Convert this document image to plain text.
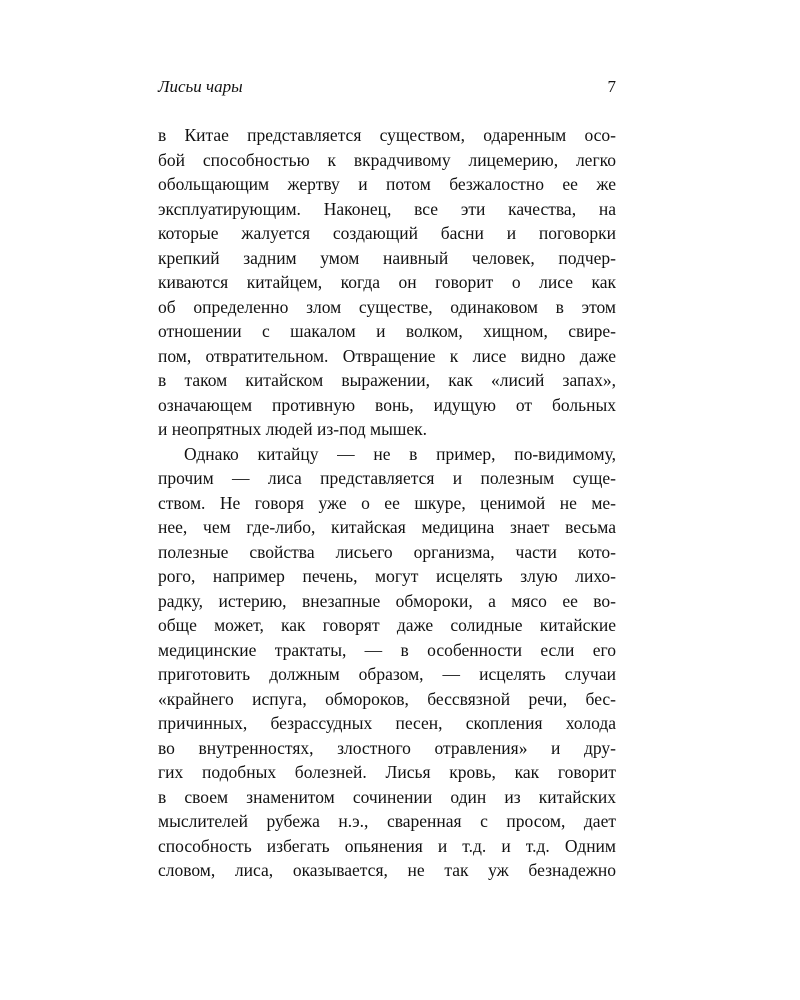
Лисьи чары	7
в Китае представляется существом, одаренным осо-
бой способностью к вкрадчивому лицемерию, легко
обольщающим жертву и потом безжалостно ее же
эксплуатирующим. Наконец, все эти качества, на
которые жалуется создающий басни и поговорки
крепкий задним умом наивный человек, подчер-
киваются китайцем, когда он говорит о лисе как
об определенно злом существе, одинаковом в этом
отношении с шакалом и волком, хищном, свире-
пом, отвратительном. Отвращение к лисе видно даже
в таком китайском выражении, как «лисий запах»,
означающем противную вонь, идущую от больных
и неопрятных людей из-под мышек.
Однако китайцу — не в пример, по-видимому,
прочим — лиса представляется и полезным суще-
ством. Не говоря уже о ее шкуре, ценимой не ме-
нее, чем где-либо, китайская медицина знает весьма
полезные свойства лисьего организма, части кото-
рого, например печень, могут исцелять злую лихо-
радку, истерию, внезапные обмороки, а мясо ее во-
обще может, как говорят даже солидные китайские
медицинские трактаты, — в особенности если его
приготовить должным образом, — исцелять случаи
«крайнего испуга, обмороков, бессвязной речи, бес-
причинных, безрассудных песен, скопления холода
во внутренностях, злостного отравления» и дру-
гих подобных болезней. Лисья кровь, как говорит
в своем знаменитом сочинении один из китайских
мыслителей рубежа н.э., сваренная с просом, дает
способность избегать опьянения и т.д. и т.д. Одним
словом, лиса, оказывается, не так уж безнадежно
